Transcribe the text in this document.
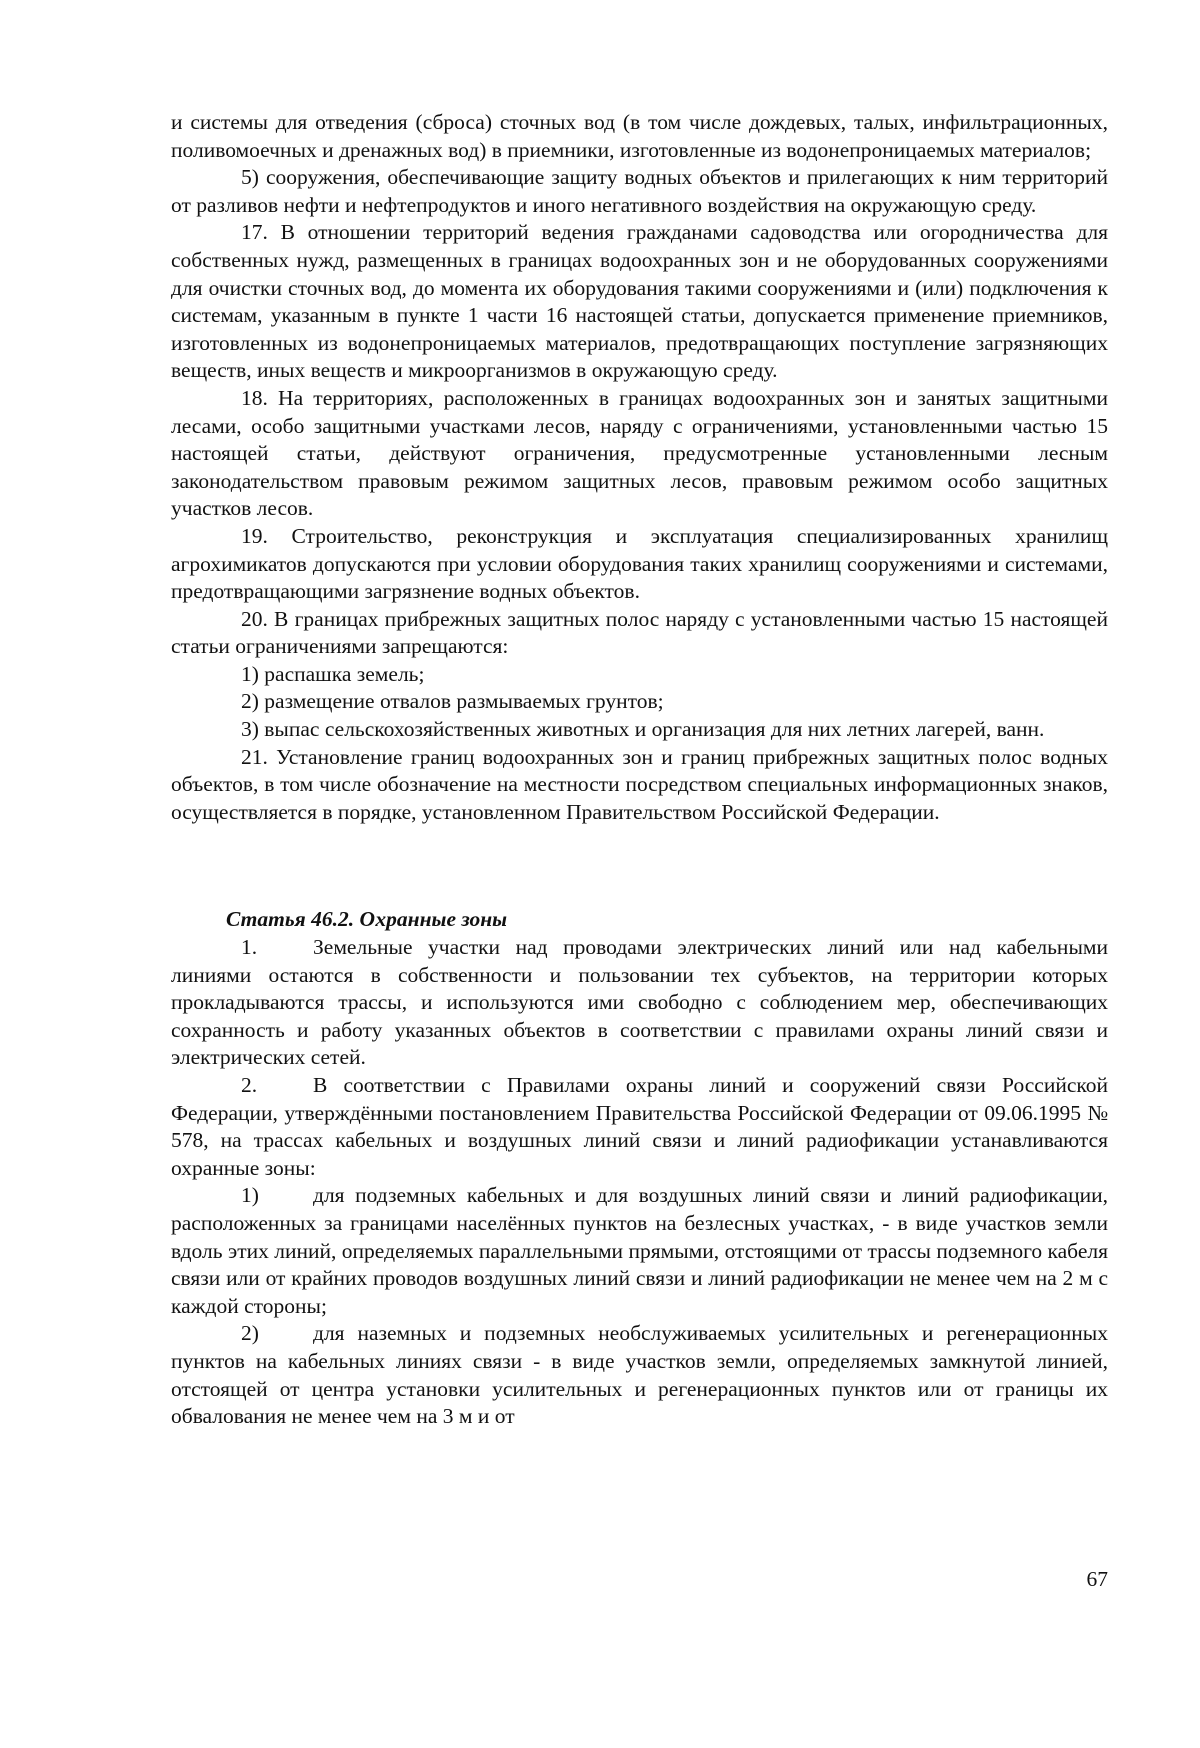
и системы для отведения (сброса) сточных вод (в том числе дождевых, талых, инфильтрационных, поливомоечных и дренажных вод) в приемники, изготовленные из водонепроницаемых материалов;

5) сооружения, обеспечивающие защиту водных объектов и прилегающих к ним территорий от разливов нефти и нефтепродуктов и иного негативного воздействия на окружающую среду.

17. В отношении территорий ведения гражданами садоводства или огородничества для собственных нужд, размещенных в границах водоохранных зон и не оборудованных сооружениями для очистки сточных вод, до момента их оборудования такими сооружениями и (или) подключения к системам, указанным в пункте 1 части 16 настоящей статьи, допускается применение приемников, изготовленных из водонепроницаемых материалов, предотвращающих поступление загрязняющих веществ, иных веществ и микроорганизмов в окружающую среду.

18. На территориях, расположенных в границах водоохранных зон и занятых защитными лесами, особо защитными участками лесов, наряду с ограничениями, установленными частью 15 настоящей статьи, действуют ограничения, предусмотренные установленными лесным законодательством правовым режимом защитных лесов, правовым режимом особо защитных участков лесов.

19. Строительство, реконструкция и эксплуатация специализированных хранилищ агрохимикатов допускаются при условии оборудования таких хранилищ сооружениями и системами, предотвращающими загрязнение водных объектов.

20. В границах прибрежных защитных полос наряду с установленными частью 15 настоящей статьи ограничениями запрещаются:

1) распашка земель;

2) размещение отвалов размываемых грунтов;

3) выпас сельскохозяйственных животных и организация для них летних лагерей, ванн.

21. Установление границ водоохранных зон и границ прибрежных защитных полос водных объектов, в том числе обозначение на местности посредством специальных информационных знаков, осуществляется в порядке, установленном Правительством Российской Федерации.

Статья 46.2. Охранные зоны

1.	Земельные участки над проводами электрических линий или над кабельными линиями остаются в собственности и пользовании тех субъектов, на территории которых прокладываются трассы, и используются ими свободно с соблюдением мер, обеспечивающих сохранность и работу указанных объектов в соответствии с правилами охраны линий связи и электрических сетей.

2.	В соответствии с Правилами охраны линий и сооружений связи Российской Федерации, утверждёнными постановлением Правительства Российской Федерации от 09.06.1995 № 578, на трассах кабельных и воздушных линий связи и линий радиофикации устанавливаются охранные зоны:

1)	для подземных кабельных и для воздушных линий связи и линий радиофикации, расположенных за границами населённых пунктов на безлесных участках, - в виде участков земли вдоль этих линий, определяемых параллельными прямыми, отстоящими от трассы подземного кабеля связи или от крайних проводов воздушных линий связи и линий радиофикации не менее чем на 2 м с каждой стороны;

2)	для наземных и подземных необслуживаемых усилительных и регенерационных пунктов на кабельных линиях связи - в виде участков земли, определяемых замкнутой линией, отстоящей от центра установки усилительных и регенерационных пунктов или от границы их обвалования не менее чем на 3 м и от

67
